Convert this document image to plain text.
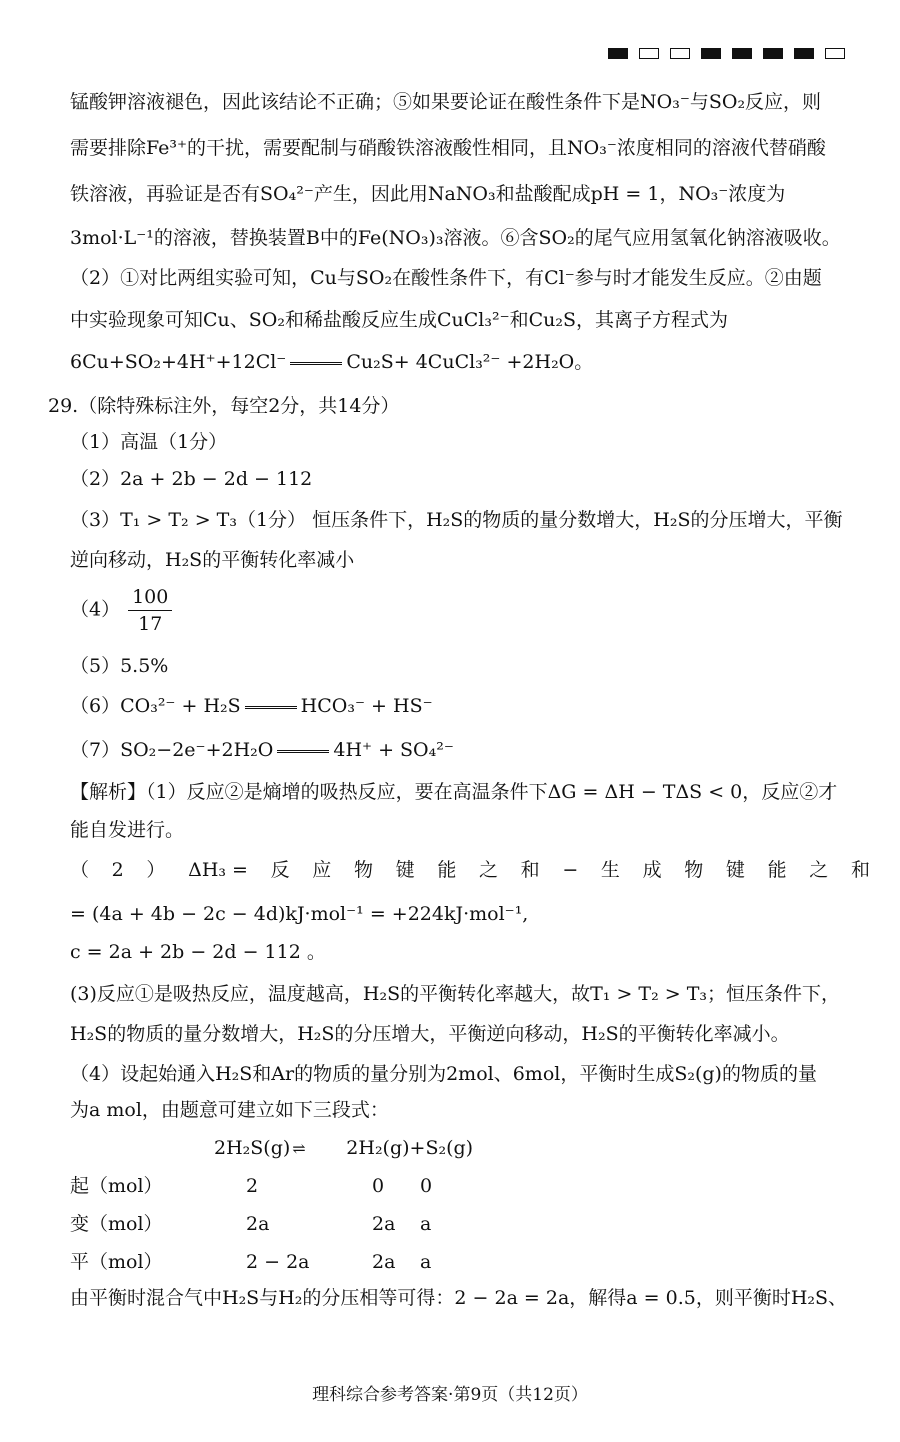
锰酸钾溶液褪色，因此该结论不正确；⑤如果要论证在酸性条件下是NO₃⁻与SO₂反应，则
需要排除Fe³⁺的干扰，需要配制与硝酸铁溶液酸性相同，且NO₃⁻浓度相同的溶液代替硝酸
铁溶液，再验证是否有SO₄²⁻产生，因此用NaNO₃和盐酸配成pH = 1，NO₃⁻浓度为
3mol·L⁻¹的溶液，替换装置B中的Fe(NO₃)₃溶液。⑥含SO₂的尾气应用氢氧化钠溶液吸收。
（2）①对比两组实验可知，Cu与SO₂在酸性条件下，有Cl⁻参与时才能发生反应。②由题
中实验现象可知Cu、SO₂和稀盐酸反应生成CuCl₃²⁻和Cu₂S，其离子方程式为
6Cu+SO₂+4H⁺+12Cl⁻	Cu₂S+ 4CuCl₃²⁻ +2H₂O。
29.（除特殊标注外，每空2分，共14分）
（1）高温（1分）
（2）2a + 2b − 2d − 112
（3）T₁ > T₂ > T₃（1分） 恒压条件下，H₂S的物质的量分数增大，H₂S的分压增大，平衡
逆向移动，H₂S的平衡转化率减小
$(4) \frac{100}{17}$
（5）5.5%
（6）CO₃²⁻ + H₂S	HCO₃⁻ + HS⁻
（7）SO₂−2e⁻+2H₂O	4H⁺ + SO₄²⁻
【解析】（1）反应②是熵增的吸热反应，要在高温条件下ΔG = ΔH − TΔS < 0，反应②才
能自发进行。
（ 2 ） ΔH₃ = 反 应 物 键 能 之 和 − 生 成 物 键 能 之 和
= (4a + 4b − 2c − 4d)kJ·mol⁻¹ = +224kJ·mol⁻¹,
c = 2a + 2b − 2d − 112 。
(3)反应①是吸热反应，温度越高，H₂S的平衡转化率越大，故T₁ > T₂ > T₃；恒压条件下，
H₂S的物质的量分数增大，H₂S的分压增大，平衡逆向移动，H₂S的平衡转化率减小。
（4）设起始通入H₂S和Ar的物质的量分别为2mol、6mol，平衡时生成S₂(g)的物质的量
为a mol，由题意可建立如下三段式：
2H₂S(g) ⇌ 2H₂(g)+S₂(g)
起（mol）	2	0 0
变（mol）	2a	2a a
平（mol）	2 − 2a	2a a
由平衡时混合气中H₂S与H₂的分压相等可得：2 − 2a = 2a，解得a = 0.5，则平衡时H₂S、
理科综合参考答案·第9页（共12页）
